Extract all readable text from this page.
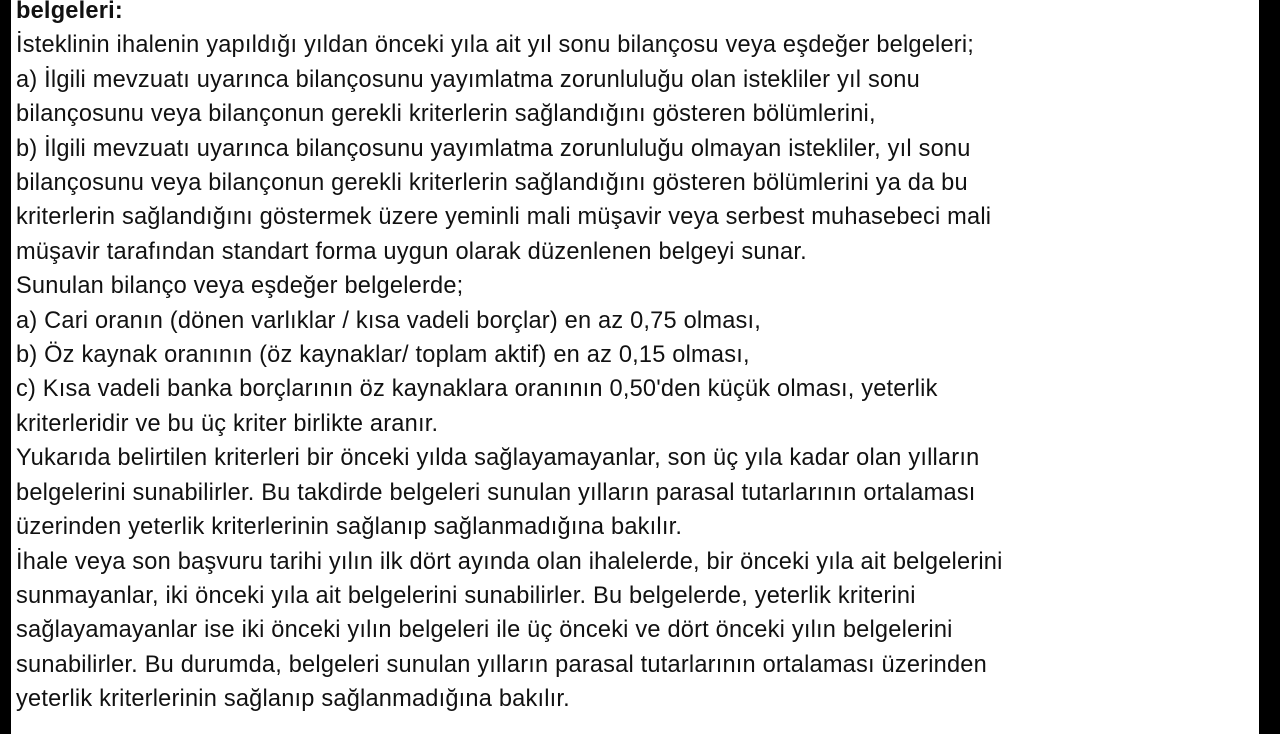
belgeleri:
İsteklinin ihalenin yapıldığı yıldan önceki yıla ait yıl sonu bilançosu veya eşdeğer belgeleri;
a) İlgili mevzuatı uyarınca bilançosunu yayımlatma zorunluluğu olan istekliler yıl sonu
bilançosunu veya bilançonun gerekli kriterlerin sağlandığını gösteren bölümlerini,
b) İlgili mevzuatı uyarınca bilançosunu yayımlatma zorunluluğu olmayan istekliler, yıl sonu
bilançosunu veya bilançonun gerekli kriterlerin sağlandığını gösteren bölümlerini ya da bu
kriterlerin sağlandığını göstermek üzere yeminli mali müşavir veya serbest muhasebeci mali
müşavir tarafından standart forma uygun olarak düzenlenen belgeyi sunar.
Sunulan bilanço veya eşdeğer belgelerde;
a) Cari oranın (dönen varlıklar / kısa vadeli borçlar) en az 0,75 olması,
b) Öz kaynak oranının (öz kaynaklar/ toplam aktif) en az 0,15 olması,
c) Kısa vadeli banka borçlarının öz kaynaklara oranının 0,50'den küçük olması, yeterlik
kriterleridir ve bu üç kriter birlikte aranır.
Yukarıda belirtilen kriterleri bir önceki yılda sağlayamayanlar, son üç yıla kadar olan yılların
belgelerini sunabilirler. Bu takdirde belgeleri sunulan yılların parasal tutarlarının ortalaması
üzerinden yeterlik kriterlerinin sağlanıp sağlanmadığına bakılır.
İhale veya son başvuru tarihi yılın ilk dört ayında olan ihalelerde, bir önceki yıla ait belgelerini
sunmayanlar, iki önceki yıla ait belgelerini sunabilirler. Bu belgelerde, yeterlik kriterini
sağlayamayanlar ise iki önceki yılın belgeleri ile üç önceki ve dört önceki yılın belgelerini
sunabilirler. Bu durumda, belgeleri sunulan yılların parasal tutarlarının ortalaması üzerinden
yeterlik kriterlerinin sağlanıp sağlanmadığına bakılır.
